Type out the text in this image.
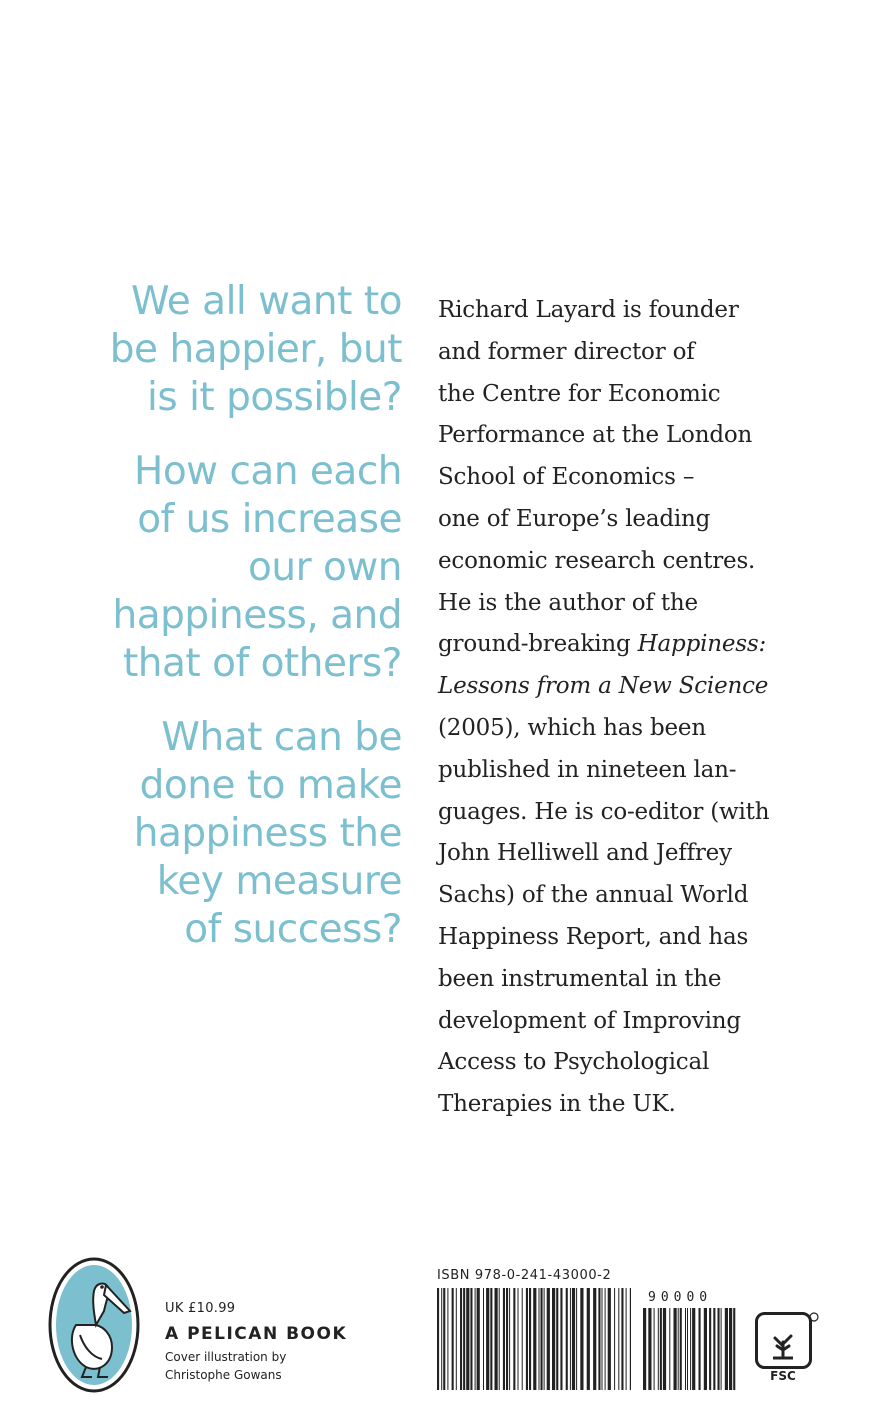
We all want to
be happier, but
is it possible?

How can each
of us increase
our own
happiness, and
that of others?

What can be
done to make
happiness the
key measure
of success?

Richard Layard is founder
and former director of
the Centre for Economic
Performance at the London
School of Economics –
one of Europe’s leading
economic research centres.
He is the author of the
ground-breaking Happiness:
Lessons from a New Science
(2005), which has been
published in nineteen lan-
guages. He is co-editor (with
John Helliwell and Jeffrey
Sachs) of the annual World
Happiness Report, and has
been instrumental in the
development of Improving
Access to Psychological
Therapies in the UK.
UK £10.99
A PELICAN BOOK
Cover illustration by
Christophe Gowans
ISBN 978-0-241-43000-2
90000
FSC
